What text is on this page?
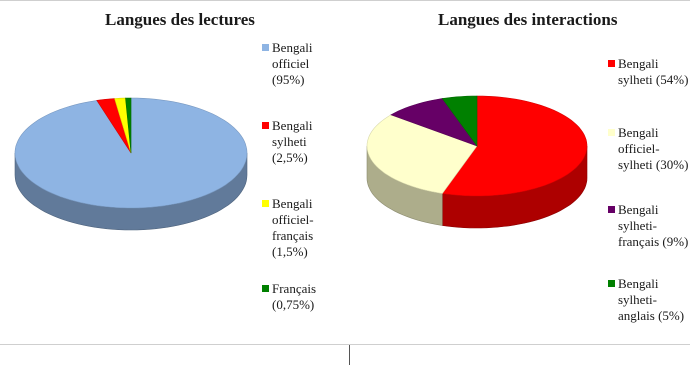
Langues des lectures	Langues des interactions
Bengali officiel (95%)
Bengali sylheti (2,5%)
Bengali officiel-français (1,5%)
Français (0,75%)
Bengali sylheti (54%)
Bengali officiel-sylheti (30%)
Bengali sylheti-français (9%)
Bengali sylheti-anglais (5%)
